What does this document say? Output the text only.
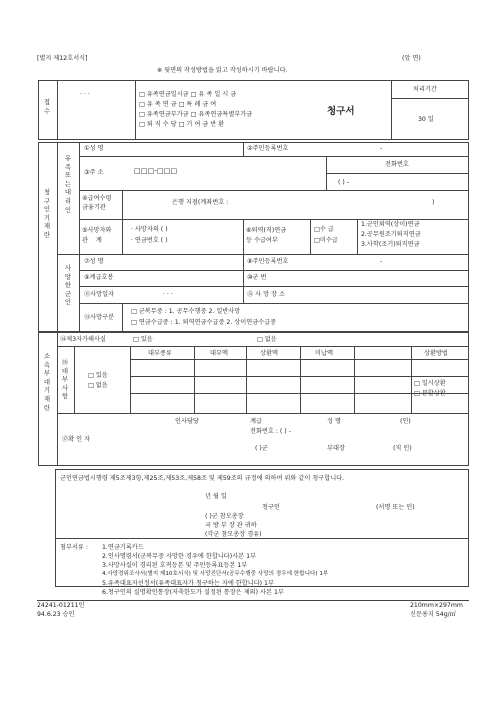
[별지 제12호서식]	(앞 면)
※ 뒷면의 작성방법을 읽고 작성하시기 바랍니다.
접수
· · ·	□ 유족연금일시금 □ 유 족 일 시 금
□ 유 족 연 금 □ 특 례 금 여
□ 유족연금부가금 □ 유족연금특별부가금
□ 퇴 직 수 당 □ 기 여 금 반 환
청구서
처리기간
30 일
청구인기재란
유족또는대리인
사망한군인
①성 명	②주민등록번호	-
③주 소	□□□-□□□
전화번호
( ) -
④급여수령
금융기관
은행 지점(계좌번호 :	)
⑤사망자와
관    계
· 사망자의 ( )
· 연금번호 ( )
⑥퇴역(직)연금
등 수급여부
□수 급
□미수급
1.군인퇴역(상이)연금
2.공무원조기퇴직연금
3.사학(조기)퇴직연금
⑦성 명	⑧주민등록번호	-
⑨계급호봉	⑩군 번
⑪사망일자	· · ·	⑮ 사 망 장 소
⑬사망구분
□ 군복무중 : 1. 공무수행중 2. 일반사망
□ 연금수급중 : 1. 퇴역연금수급중 2. 상이연금수급중
소속부대기재란
⑭제3자가해사실	□ 있음	□ 없음
⑯대부사항
□ 있음
□ 없음
대부종류	대부액	상환액	미납액	상환방법
□ 일시상환
□ 분할상환
⑰확 인 자
인사담당	계급	성 명	(인)
전화번호 : ( ) -
( )군	부대장	(직 인)
군인연금법시행령 제5조제3항,제25조,제53조,제58조 및 제59조의 규정에 의하여 위와 같이 청구합니다.
년 월 일
청구인	(서명 또는 인)
( )군 참모총장
국 방 부 장 관 귀하
(각군 참모총장 경유)
첨부서류 : 1.연금기록카드
2.인사명령서(군복무중 사망한 경우에 한합니다)사본 1부
3.사망사실이 경리된 호적등본 및 주민등록표등본 1부
4.사망경위조사서(별지 제10호서식) 및 사망진단서(공무수행중 사망의 경우에 한합니다) 1부
5.유족대표자선정서(유족대표자가 청구하는 자에 한합니다) 1부
6.청구인의 실명확인통장(저축한도가 설정된 통장은 제외) 사본 1부
24241-01211민
94.6.23 승인
210mm×297mm
신문용지 54g/㎡
